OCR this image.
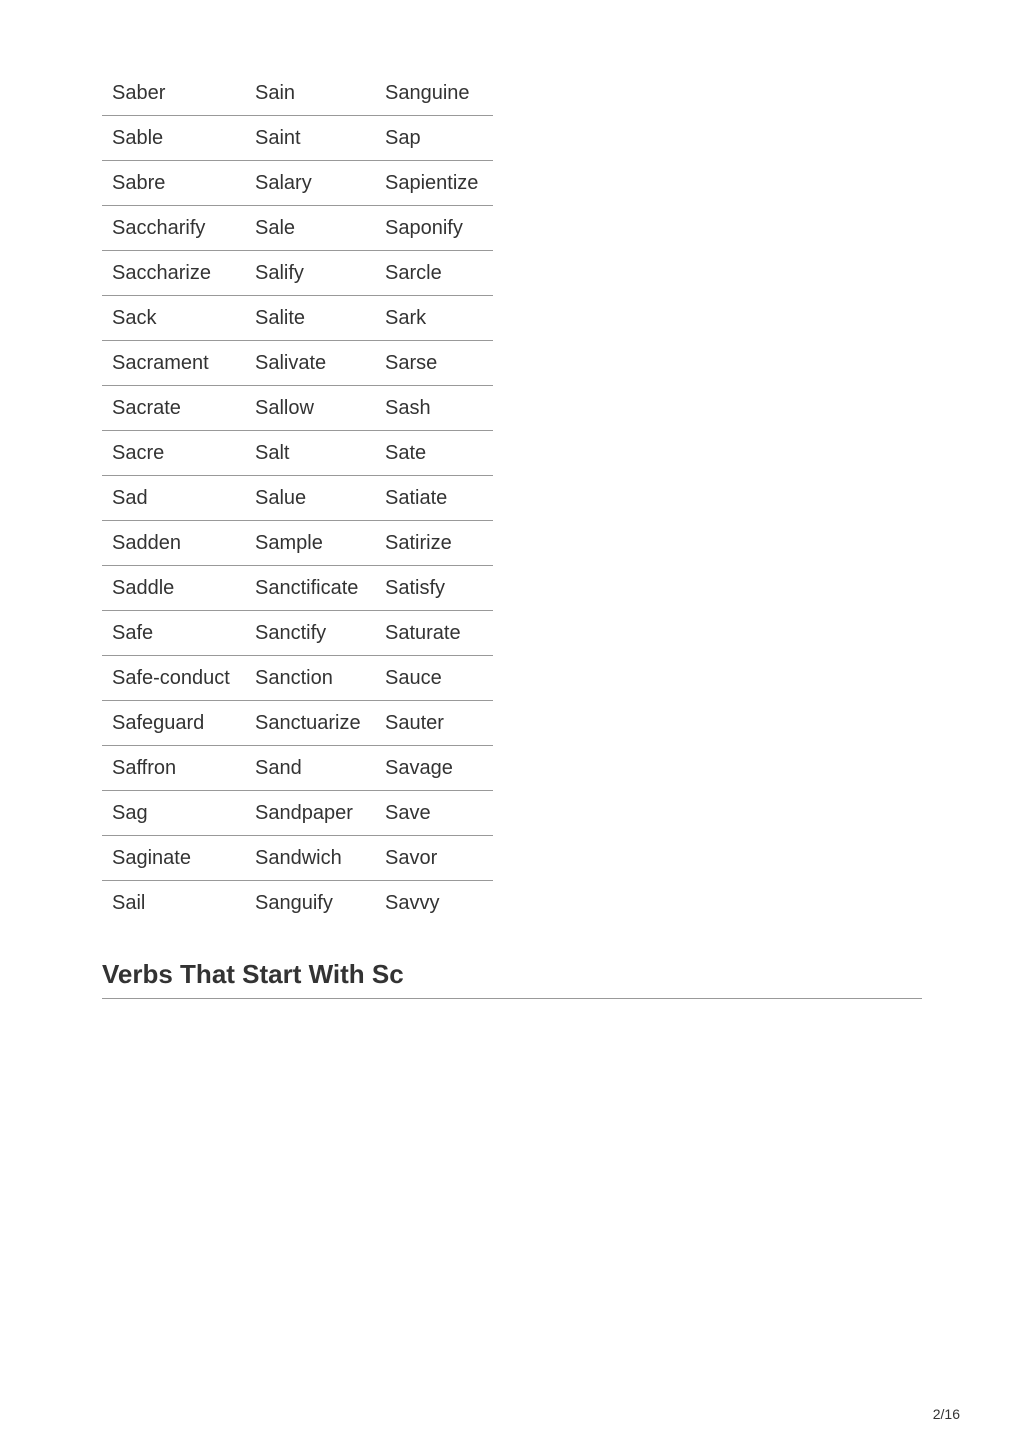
Saber	Sain	Sanguine
Sable	Saint	Sap
Sabre	Salary	Sapientize
Saccharify	Sale	Saponify
Saccharize	Salify	Sarcle
Sack	Salite	Sark
Sacrament	Salivate	Sarse
Sacrate	Sallow	Sash
Sacre	Salt	Sate
Sad	Salue	Satiate
Sadden	Sample	Satirize
Saddle	Sanctificate	Satisfy
Safe	Sanctify	Saturate
Safe-conduct	Sanction	Sauce
Safeguard	Sanctuarize	Sauter
Saffron	Sand	Savage
Sag	Sandpaper	Save
Saginate	Sandwich	Savor
Sail	Sanguify	Savvy
Verbs That Start With Sc
2/16
